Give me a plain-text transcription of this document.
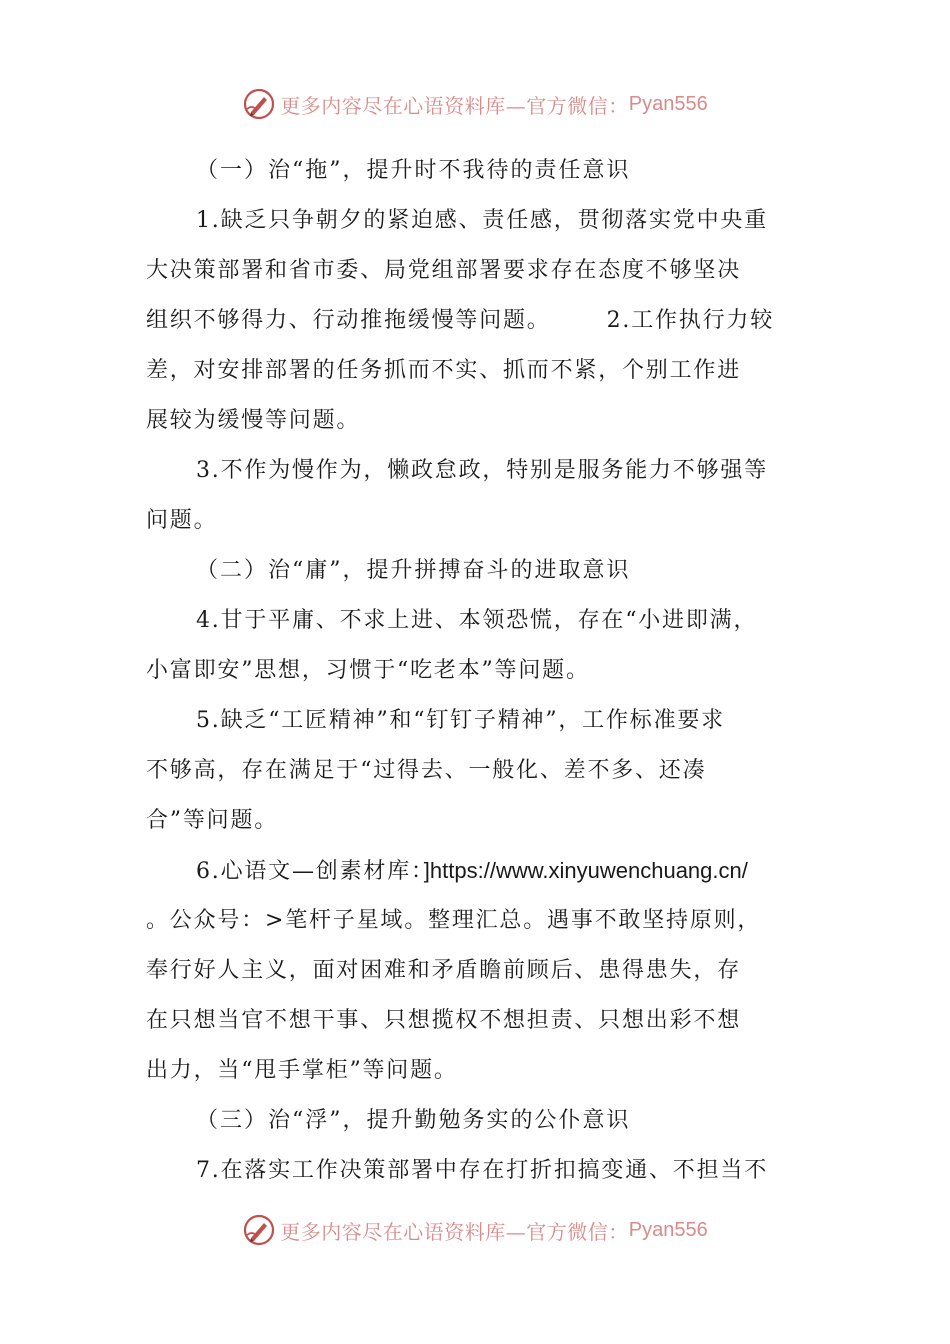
更多内容尽在心语资料库—官方微信： Pyan556
（一）治“拖”，提升时不我待的责任意识
1.缺乏只争朝夕的紧迫感、责任感，贯彻落实党中央重
大决策部署和省市委、局党组部署要求存在态度不够坚决
组织不够得力、行动推拖缓慢等问题。	2.工作执行力较
差，对安排部署的任务抓而不实、抓而不紧，个别工作进
展较为缓慢等问题。
3.不作为慢作为，懒政怠政，特别是服务能力不够强等
问题。
（二）治“庸”，提升拼搏奋斗的进取意识
4.甘于平庸、不求上进、本领恐慌，存在“小进即满，
小富即安”思想，习惯于“吃老本”等问题。
5.缺乏“工匠精神”和“钉钉子精神”，工作标准要求
不够高，存在满足于“过得去、一般化、差不多、还凑
合”等问题。
6.心语文—创素材库：]https://www.xinyuwenchuang.cn/
。公众号：>笔杆子星域。整理汇总。遇事不敢坚持原则，
奉行好人主义，面对困难和矛盾瞻前顾后、患得患失，存
在只想当官不想干事、只想揽权不想担责、只想出彩不想
出力，当“甩手掌柜”等问题。
（三）治“浮”，提升勤勉务实的公仆意识
7.在落实工作决策部署中存在打折扣搞变通、不担当不
更多内容尽在心语资料库—官方微信： Pyan556
